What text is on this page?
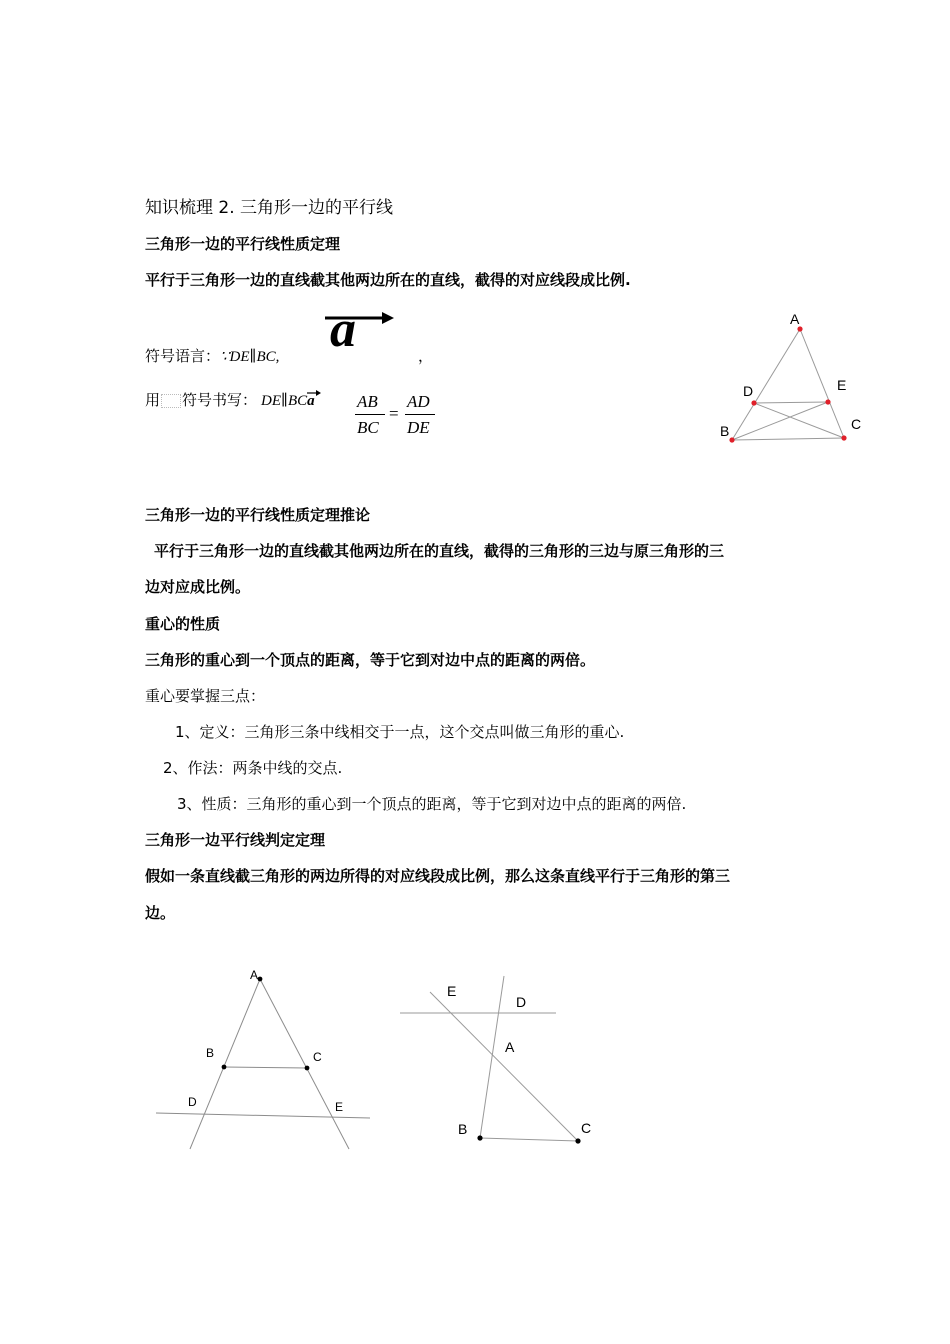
知识梳理 2. 三角形一边的平行线
三角形一边的平行线性质定理
平行于三角形一边的直线截其他两边所在的直线，截得的对应线段成比例.
符号语言：∵DE∥BC, a	，
用 符号书写： DE∥BCa AB
BC
=
AD
DE
A
D	E
B	C
三角形一边的平行线性质定理推论
平行于三角形一边的直线截其他两边所在的直线，截得的三角形的三边与原三角形的三
边对应成比例。
重心的性质
三角形的重心到一个顶点的距离，等于它到对边中点的距离的两倍。
重心要掌握三点：
1、定义：三角形三条中线相交于一点，这个交点叫做三角形的重心.
2、作法：两条中线的交点.
3、性质：三角形的重心到一个顶点的距离，等于它到对边中点的距离的两倍.
三角形一边平行线判定定理
假如一条直线截三角形的两边所得的对应线段成比例，那么这条直线平行于三角形的第三
边。
A
B	C
D	E
E
D
A
B	C
